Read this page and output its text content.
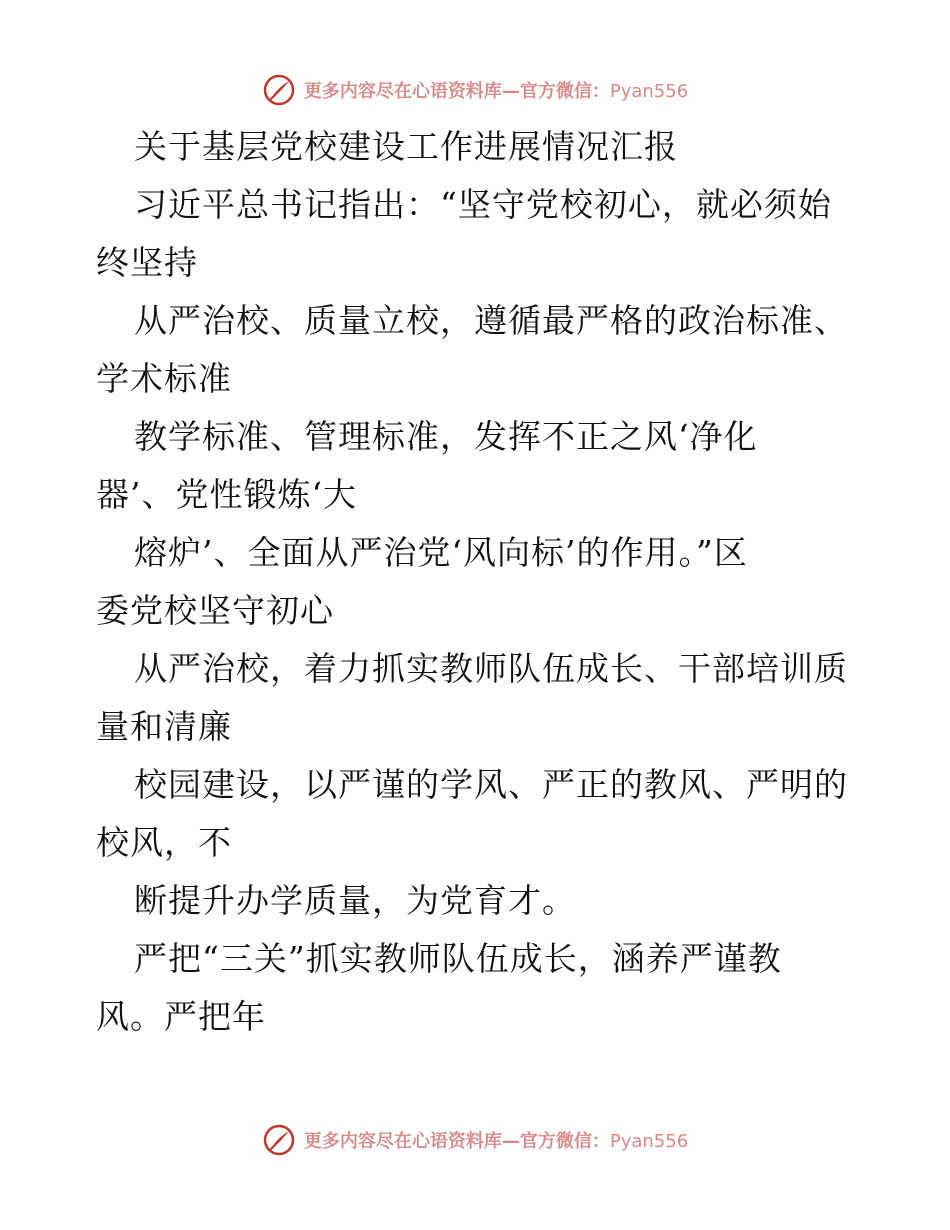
更多内容尽在心语资料库—官方微信：Pyan556
关于基层党校建设工作进展情况汇报
习近平总书记指出：“坚守党校初心，就必须始
终坚持
从严治校、质量立校，遵循最严格的政治标准、
学术标准
教学标准、管理标准，发挥不正之风‘净化
器’、党性锻炼‘大
熔炉’、全面从严治党‘风向标’的作用。”区
委党校坚守初心
从严治校，着力抓实教师队伍成长、干部培训质
量和清廉
校园建设，以严谨的学风、严正的教风、严明的
校风，不
断提升办学质量，为党育才。
严把“三关”抓实教师队伍成长，涵养严谨教
风。严把年
更多内容尽在心语资料库—官方微信：Pyan556
